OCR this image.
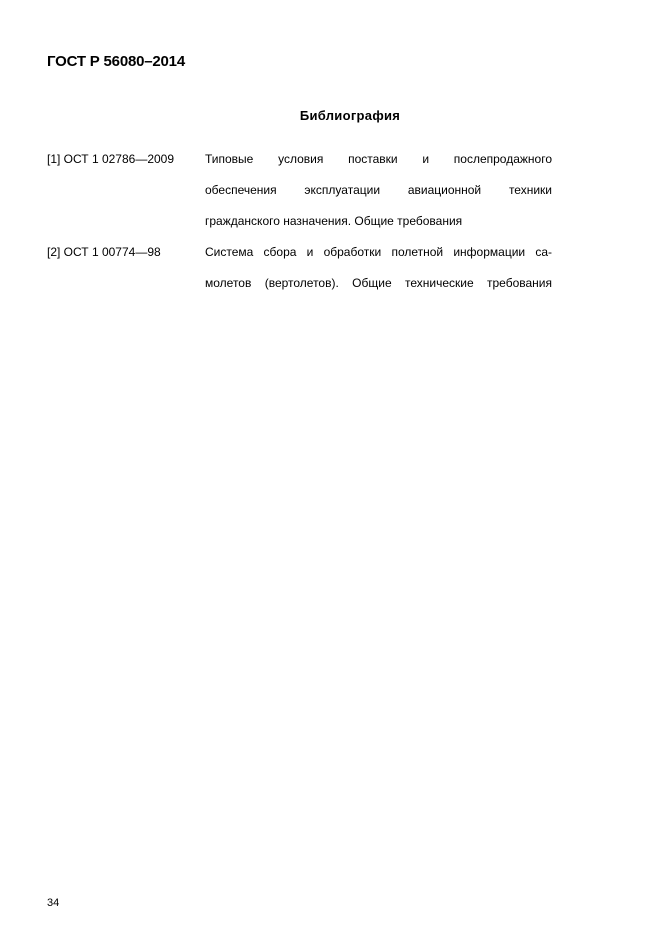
ГОСТ Р 56080–2014
Библиография
[1] ОСТ 1 02786—2009	Типовые условия поставки и послепродажного
обеспечения эксплуатации авиационной техники
гражданского назначения. Общие требования
[2] ОСТ 1 00774—98	Система сбора и обработки полетной информации са-
молетов (вертолетов). Общие технические требования
34
